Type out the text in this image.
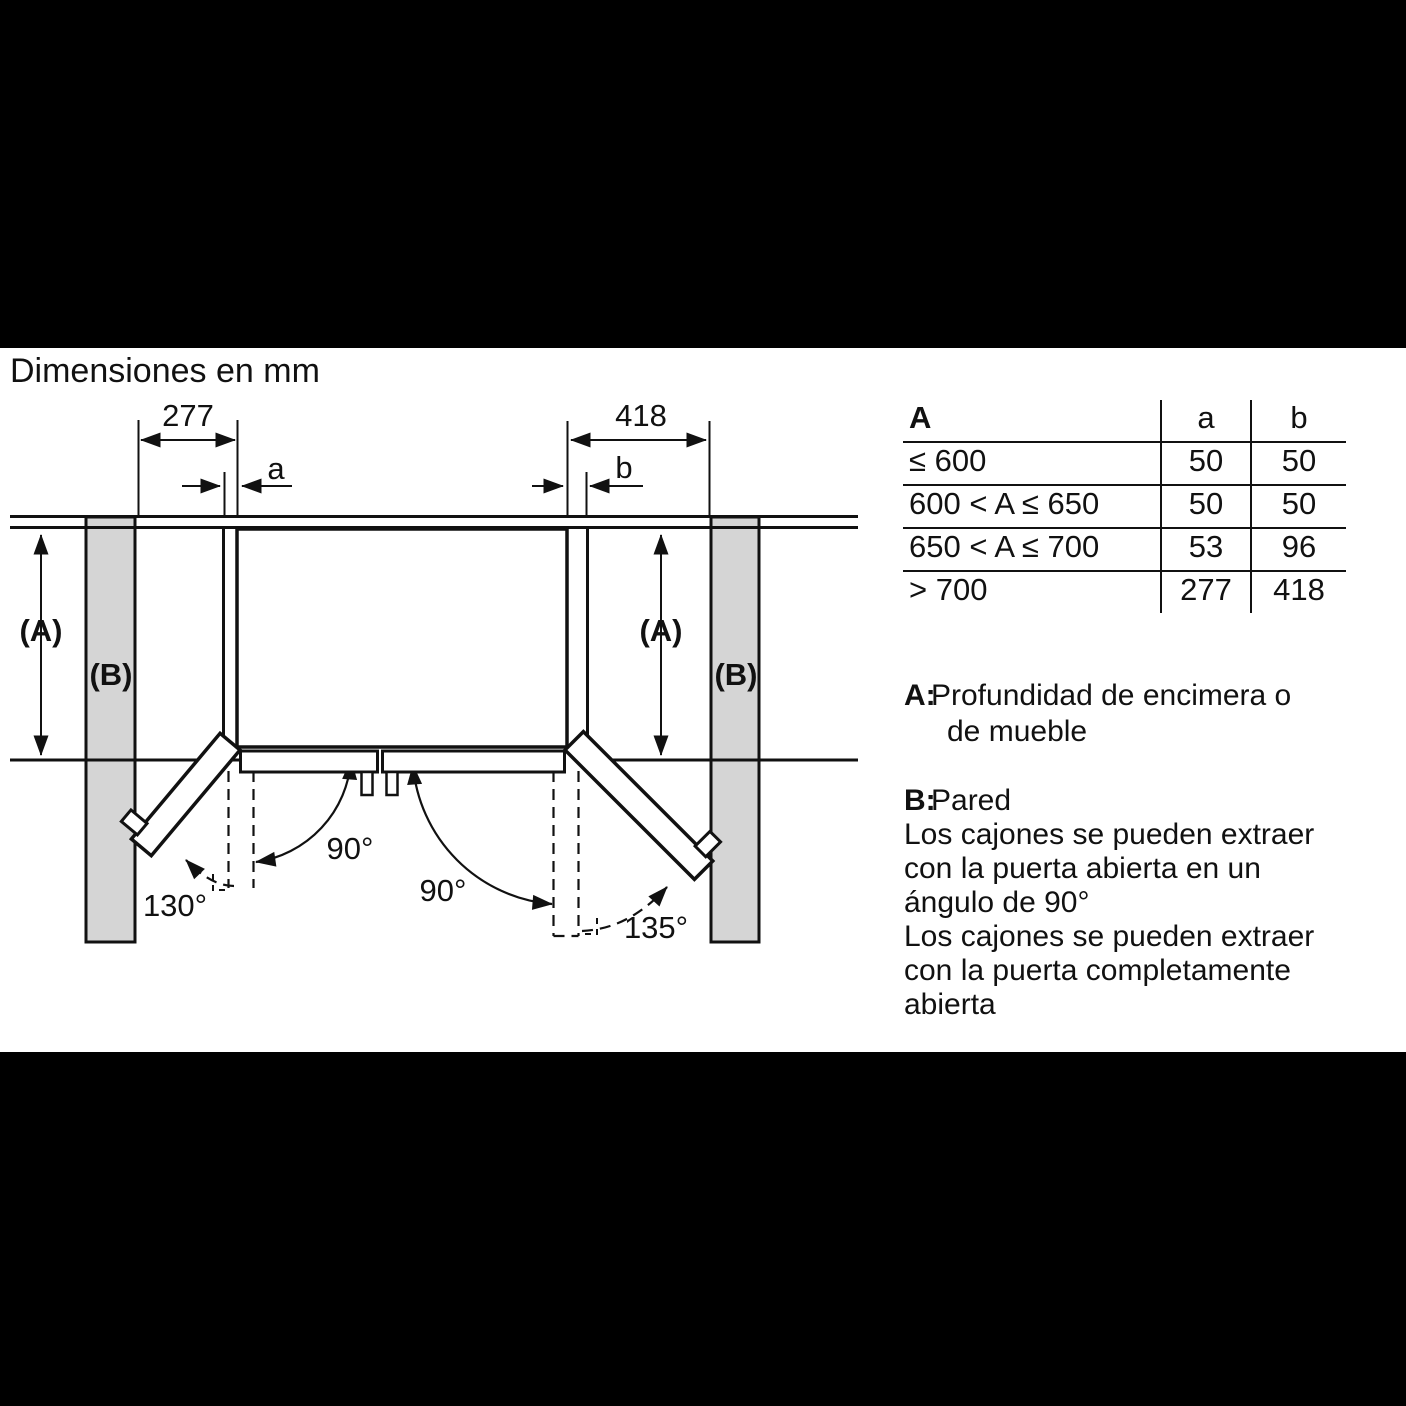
Dimensiones en mm
277	418
a	b
(A)	(A)
(B)	(B)
90°
90°
130°
135°
A	a	b
≤ 600	50	50
600 < A ≤ 650	50	50
650 < A ≤ 700	53	96
> 700	277	418
A:Profundidad de encimera o
de mueble
B:Pared
Los cajones se pueden extraer
con la puerta abierta en un
ángulo de 90°
Los cajones se pueden extraer
con la puerta completamente
abierta
